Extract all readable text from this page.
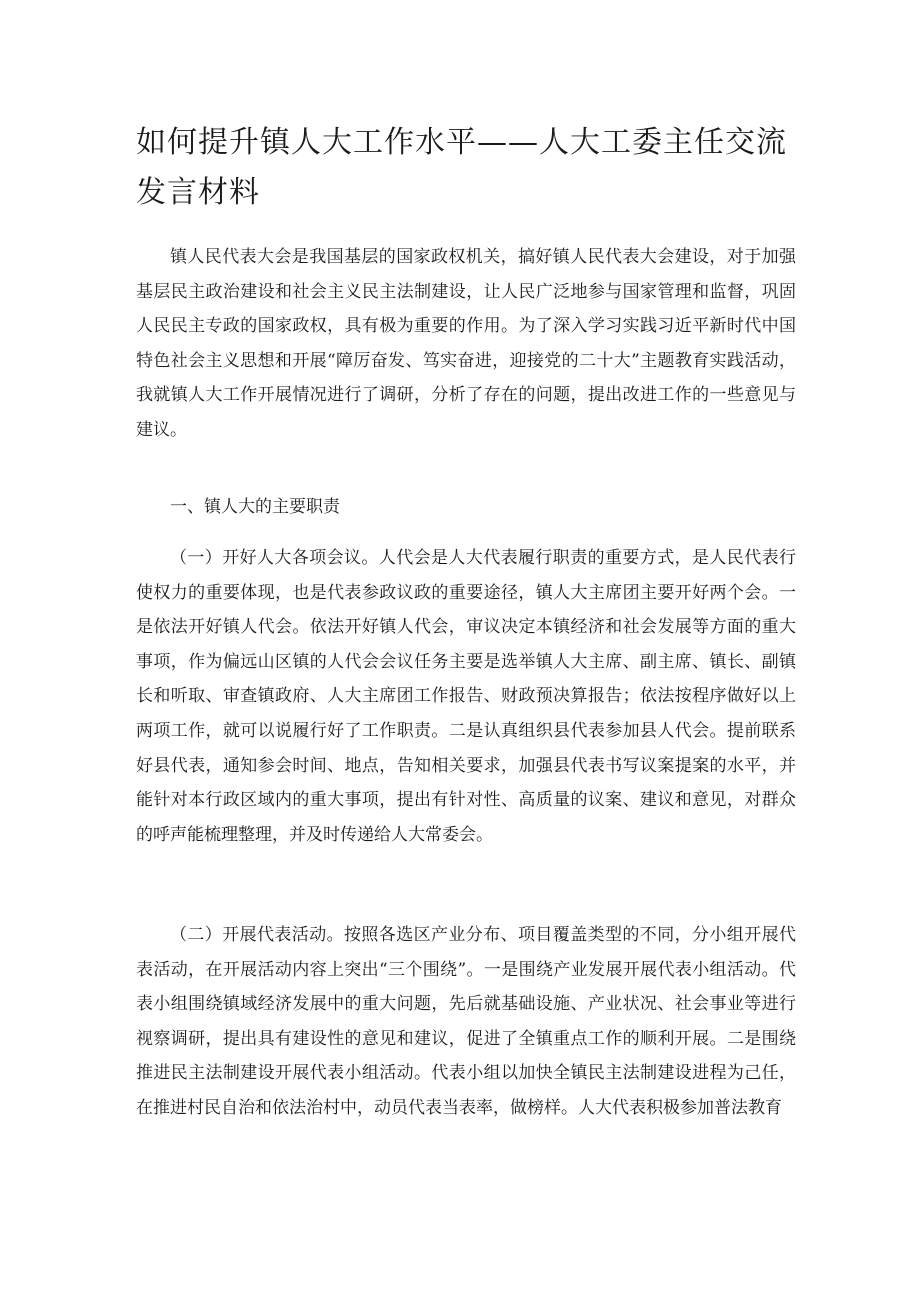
如何提升镇人大工作水平——人大工委主任交流发言材料

镇人民代表大会是我国基层的国家政权机关，搞好镇人民代表大会建设，对于加强基层民主政治建设和社会主义民主法制建设，让人民广泛地参与国家管理和监督，巩固人民民主专政的国家政权，具有极为重要的作用。为了深入学习实践习近平新时代中国特色社会主义思想和开展“障厉奋发、笃实奋进，迎接党的二十大”主题教育实践活动，我就镇人大工作开展情况进行了调研，分析了存在的问题，提出改进工作的一些意见与建议。

一、镇人大的主要职责

（一）开好人大各项会议。人代会是人大代表履行职责的重要方式，是人民代表行使权力的重要体现，也是代表参政议政的重要途径，镇人大主席团主要开好两个会。一是依法开好镇人代会。依法开好镇人代会，审议决定本镇经济和社会发展等方面的重大事项，作为偏远山区镇的人代会会议任务主要是选举镇人大主席、副主席、镇长、副镇长和听取、审查镇政府、人大主席团工作报告、财政预决算报告；依法按程序做好以上两项工作，就可以说履行好了工作职责。二是认真组织县代表参加县人代会。提前联系好县代表，通知参会时间、地点，告知相关要求，加强县代表书写议案提案的水平，并能针对本行政区域内的重大事项，提出有针对性、高质量的议案、建议和意见，对群众的呼声能梳理整理，并及时传递给人大常委会。

（二）开展代表活动。按照各选区产业分布、项目覆盖类型的不同，分小组开展代表活动，在开展活动内容上突出“三个围绕”。一是围绕产业发展开展代表小组活动。代表小组围绕镇域经济发展中的重大问题，先后就基础设施、产业状况、社会事业等进行视察调研，提出具有建设性的意见和建议，促进了全镇重点工作的顺利开展。二是围绕推进民主法制建设开展代表小组活动。代表小组以加快全镇民主法制建设进程为己任，在推进村民自治和依法治村中，动员代表当表率，做榜样。人大代表积极参加普法教育
